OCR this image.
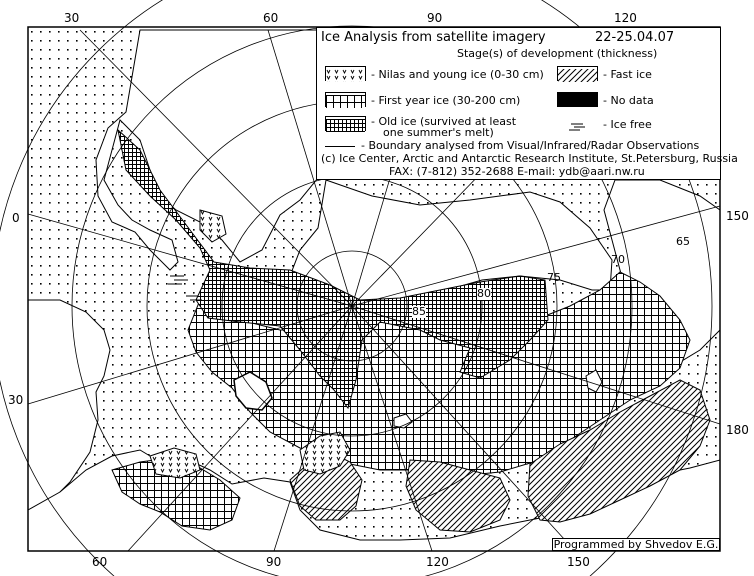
30	60	90	120
60	90	120	150
0
30
150
180
65
70
75
80
85
Ice Analysis from satellite imagery	22-25.04.07
Stage(s) of development (thickness)
- Nilas and young ice (0-30 cm)	- Fast ice
- First year ice (30-200 cm)	- No data
- Old ice (survived at least
one summer's melt)
- Ice free
- Boundary analysed from Visual/Infrared/Radar Observations
(c) Ice Center, Arctic and Antarctic Research Institute, St.Petersburg, Russia
FAX: (7-812) 352-2688 E-mail: ydb@aari.nw.ru
Programmed by Shvedov E.G.
